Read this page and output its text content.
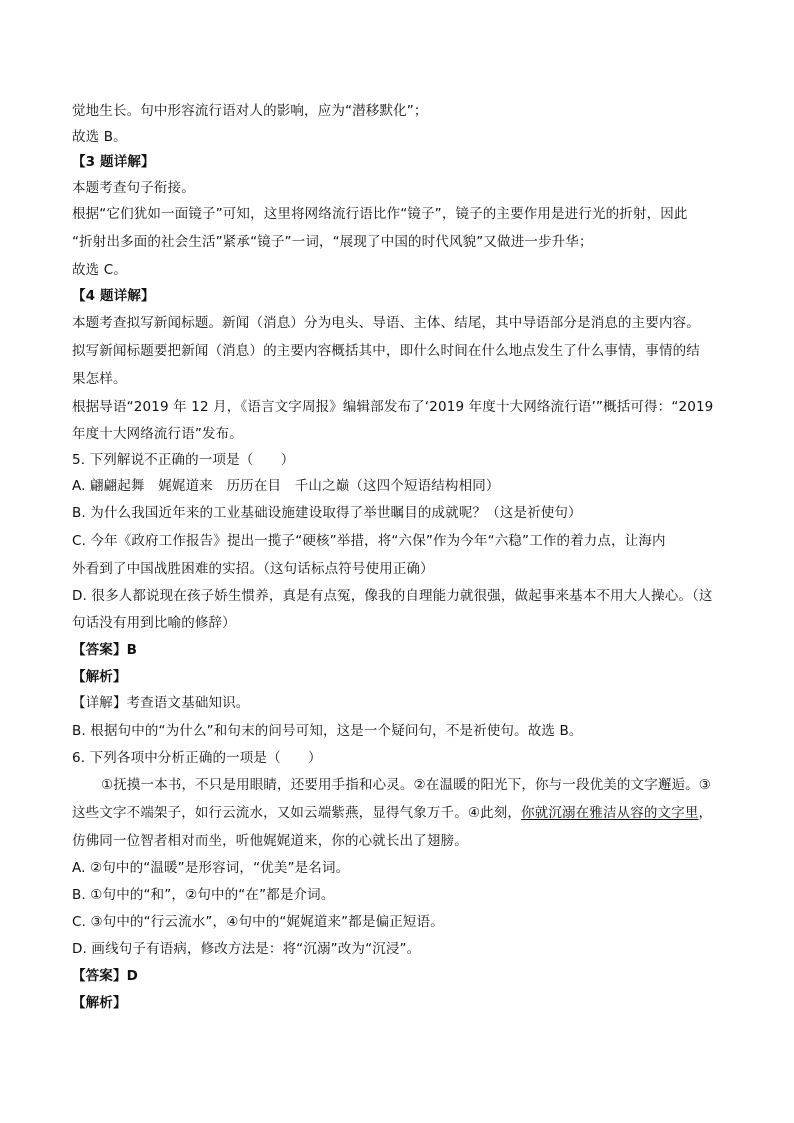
觉地生长。句中形容流行语对人的影响，应为“潜移默化”；
故选 B。
【3 题详解】
本题考查句子衔接。
根据“它们犹如一面镜子”可知，这里将网络流行语比作“镜子”，镜子的主要作用是进行光的折射，因此
“折射出多面的社会生活”紧承“镜子”一词，“展现了中国的时代风貌”又做进一步升华；
故选 C。
【4 题详解】
本题考查拟写新闻标题。新闻（消息）分为电头、导语、主体、结尾，其中导语部分是消息的主要内容。
拟写新闻标题要把新闻（消息）的主要内容概括其中，即什么时间在什么地点发生了什么事情，事情的结
果怎样。
根据导语“2019 年 12 月，《语言文字周报》编辑部发布了‘2019 年度十大网络流行语’”概括可得：“2019
年度十大网络流行语”发布。
5. 下列解说不正确的一项是（　　）
A. 翩翩起舞　娓娓道来　历历在目　千山之巅（这四个短语结构相同）
B. 为什么我国近年来的工业基础设施建设取得了举世瞩目的成就呢？（这是祈使句）
C. 今年《政府工作报告》提出一揽子“硬核”举措，将“六保”作为今年“六稳”工作的着力点，让海内
外看到了中国战胜困难的实招。（这句话标点符号使用正确）
D. 很多人都说现在孩子娇生惯养，真是有点冤，像我的自理能力就很强，做起事来基本不用大人操心。（这
句话没有用到比喻的修辞）
【答案】B
【解析】
【详解】考查语文基础知识。
B. 根据句中的“为什么”和句末的问号可知，这是一个疑问句，不是祈使句。故选 B。
6. 下列各项中分析正确的一项是（　　）
①抚摸一本书，不只是用眼睛，还要用手指和心灵。②在温暖的阳光下，你与一段优美的文字邂逅。③
这些文字不端架子，如行云流水，又如云端紫燕，显得气象万千。④此刻，你就沉溺在雅洁从容的文字里，
仿佛同一位智者相对而坐，听他娓娓道来，你的心就长出了翅膀。
A. ②句中的“温暖”是形容词，“优美”是名词。
B. ①句中的“和”，②句中的“在”都是介词。
C. ③句中的“行云流水”，④句中的“娓娓道来”都是偏正短语。
D. 画线句子有语病，修改方法是：将“沉溺”改为“沉浸”。
【答案】D
【解析】
